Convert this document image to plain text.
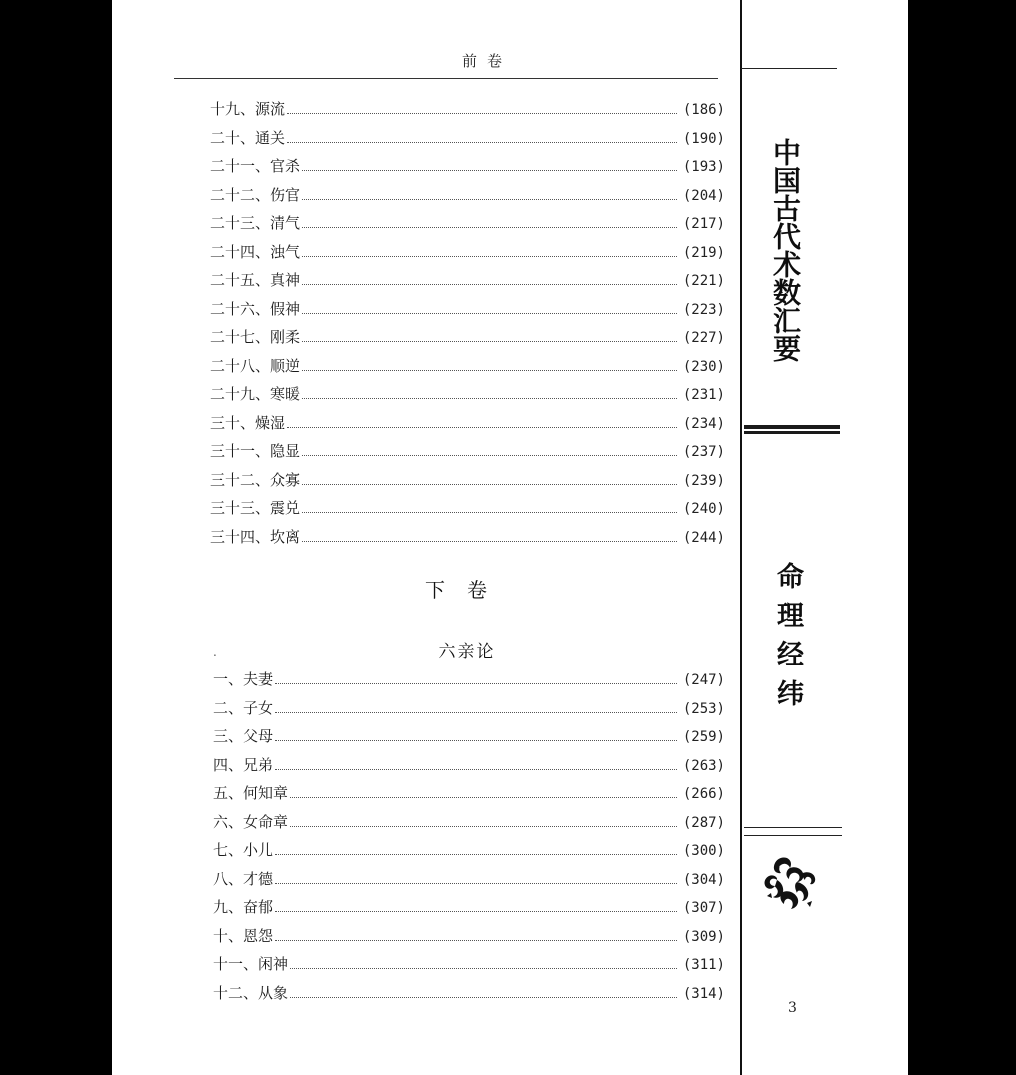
前卷
十九、源流	(186)
二十、通关	(190)
二十一、官杀	(193)
二十二、伤官	(204)
二十三、清气	(217)
二十四、浊气	(219)
二十五、真神	(221)
二十六、假神	(223)
二十七、刚柔	(227)
二十八、顺逆	(230)
二十九、寒暖	(231)
三十、燥湿	(234)
三十一、隐显	(237)
三十二、众寡	(239)
三十三、震兑	(240)
三十四、坎离	(244)
下卷
.	六亲论
一、夫妻	(247)
二、子女	(253)
三、父母	(259)
四、兄弟	(263)
五、何知章	(266)
六、女命章	(287)
七、小儿	(300)
八、才德	(304)
九、奋郁	(307)
十、恩怨	(309)
十一、闲神	(311)
十二、从象	(314)
中国古代术数汇要
命理经纬
3
